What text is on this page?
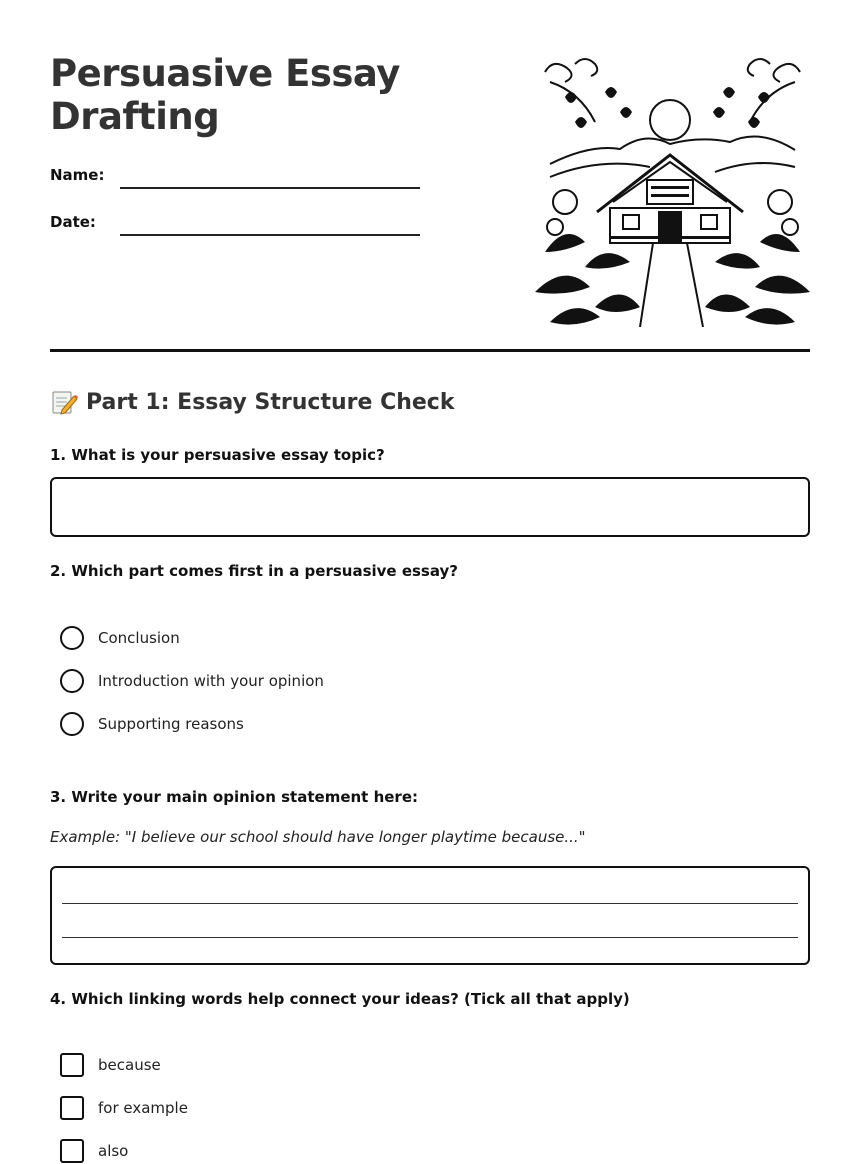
Persuasive Essay Drafting
Name:
Date:
Part 1: Essay Structure Check
1. What is your persuasive essay topic?
2. Which part comes first in a persuasive essay?
Conclusion
Introduction with your opinion
Supporting reasons
3. Write your main opinion statement here:
Example: "I believe our school should have longer playtime because..."
4. Which linking words help connect your ideas? (Tick all that apply)
because
for example
also
